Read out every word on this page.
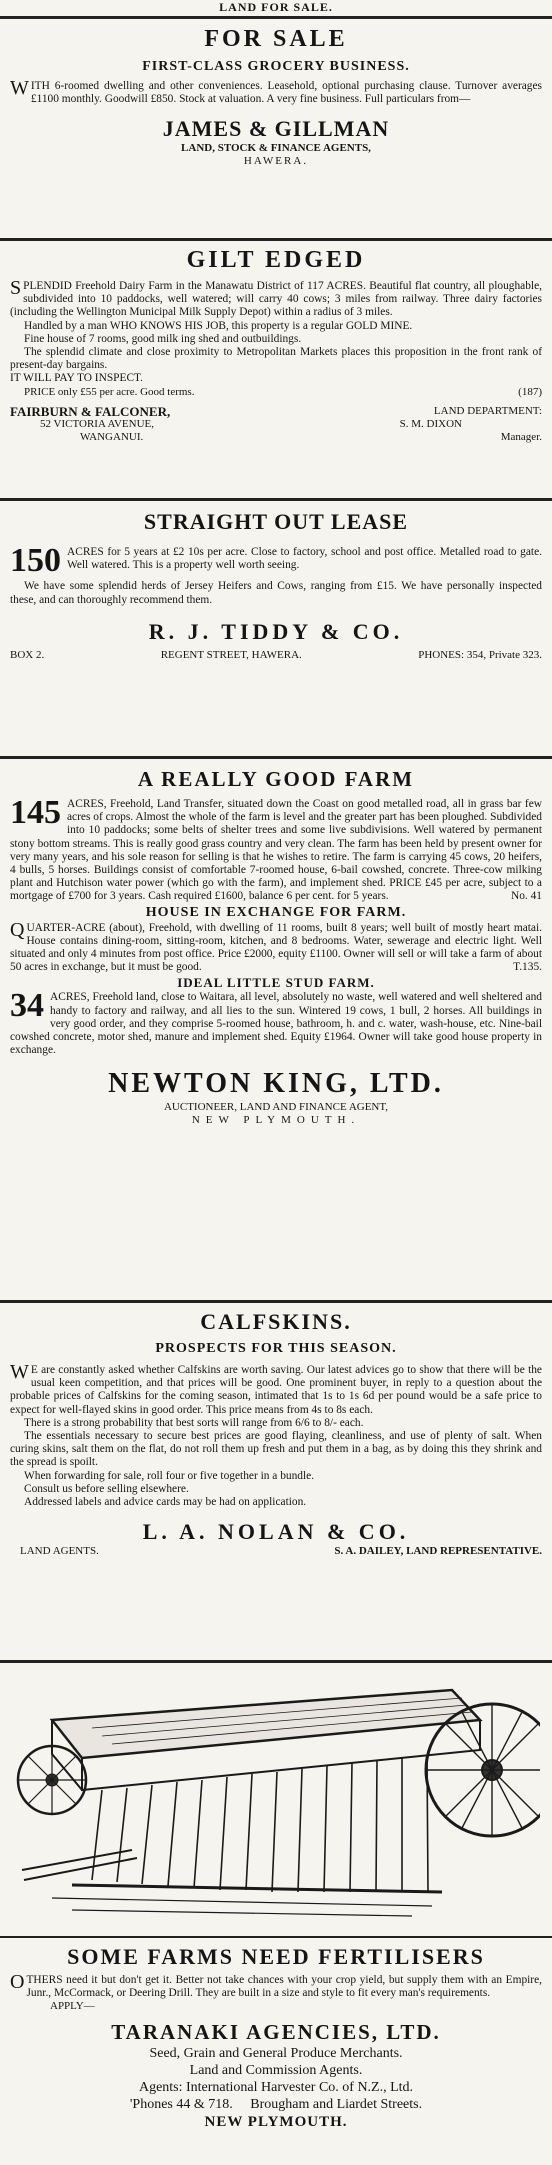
LAND FOR SALE.
FOR SALE
FIRST-CLASS GROCERY BUSINESS.

WITH 6-roomed dwelling and other conveniences. Leasehold, optional purchasing clause. Turnover averages £1100 monthly. Goodwill £850. Stock at valuation. A very fine business. Full particulars from—

JAMES & GILLMAN
LAND, STOCK & FINANCE AGENTS,
HAWERA.
GILT EDGED

SPLENDID Freehold Dairy Farm in the Manawatu District of 117 ACRES. Beautiful flat country, all ploughable, subdivided into 10 paddocks, well watered; will carry 40 cows; 3 miles from railway. Three dairy factories (including the Wellington Municipal Milk Supply Depot) within a radius of 3 miles.

Handled by a man WHO KNOWS HIS JOB, this property is a regular GOLD MINE.

Fine house of 7 rooms, good milk ing shed and outbuildings.

The splendid climate and close proximity to Metropolitan Markets places this proposition in the front rank of present-day bargains.

IT WILL PAY TO INSPECT.

PRICE only £55 per acre. Good terms.	(187)
FAIRBURN & FALCONER,	LAND DEPARTMENT:
52 VICTORIA AVENUE,	S. M. DIXON
WANGANUI.	Manager.
STRAIGHT OUT LEASE

150 ACRES for 5 years at £2 10s per acre. Close to factory, school and post office. Metalled road to gate. Well watered. This is a property well worth seeing.

We have some splendid herds of Jersey Heifers and Cows, ranging from £15. We have personally inspected these, and can thoroughly recommend them.

R. J. TIDDY & CO.
BOX 2.	REGENT STREET, HAWERA.	PHONES: 354, Private 323.
A REALLY GOOD FARM

145 ACRES, Freehold, Land Transfer, situated down the Coast on good metalled road, all in grass bar few acres of crops. Almost the whole of the farm is level and the greater part has been ploughed. Subdivided into 10 paddocks; some belts of shelter trees and some live subdivisions. Well watered by permanent stony bottom streams. This is really good grass country and very clean. The farm has been held by present owner for very many years, and his sole reason for selling is that he wishes to retire. The farm is carrying 45 cows, 20 heifers, 4 bulls, 5 horses. Buildings consist of comfortable 7-roomed house, 6-bail cowshed, concrete. Three-cow milking plant and Hutchison water power (which go with the farm), and implement shed. PRICE £45 per acre, subject to a mortgage of £700 for 3 years. Cash required £1600, balance 6 per cent. for 5 years.	No. 41

HOUSE IN EXCHANGE FOR FARM.

QUARTER-ACRE (about), Freehold, with dwelling of 11 rooms, built 8 years; well built of mostly heart matai. House contains dining-room, sitting-room, kitchen, and 8 bedrooms. Water, sewerage and electric light. Well situated and only 4 minutes from post office. Price £2000, equity £1100. Owner will sell or will take a farm of about 50 acres in exchange, but it must be good.	T.135.

IDEAL LITTLE STUD FARM.

34 ACRES, Freehold land, close to Waitara, all level, absolutely no waste, well watered and well sheltered and handy to factory and railway, and all lies to the sun. Wintered 19 cows, 1 bull, 2 horses. All buildings in very good order, and they comprise 5-roomed house, bathroom, h. and c. water, wash-house, etc. Nine-bail cowshed concrete, motor shed, manure and implement shed. Equity £1964. Owner will take good house property in exchange.

NEWTON KING, LTD.
AUCTIONEER, LAND AND FINANCE AGENT,
NEW PLYMOUTH.
CALFSKINS.
PROSPECTS FOR THIS SEASON.

W E are constantly asked whether Calfskins are worth saving. Our latest advices go to show that there will be the usual keen competition, and that prices will be good. One prominent buyer, in reply to a question about the probable prices of Calfskins for the coming season, intimated that 1s to 1s 6d per pound would be a safe price to expect for well-flayed skins in good order. This price means from 4s to 8s each.

There is a strong probability that best sorts will range from 6/6 to 8/- each.

The essentials necessary to secure best prices are good flaying, cleanliness, and use of plenty of salt. When curing skins, salt them on the flat, do not roll them up fresh and put them in a bag, as by doing this they shrink and the spread is spoilt.

When forwarding for sale, roll four or five together in a bundle.

Consult us before selling elsewhere.

Addressed labels and advice cards may be had on application.

L. A. NOLAN & CO.
LAND AGENTS.	S. A. DAILEY, LAND REPRESENTATIVE.
SOME FARMS NEED FERTILISERS

OTHERS need it but don't get it. Better not take chances with your crop yield, but supply them with an Empire, Junr., McCormack, or Deering Drill. They are built in a size and style to fit every man's requirements.

APPLY—
TARANAKI AGENCIES, LTD.
Seed, Grain and General Produce Merchants.
Land and Commission Agents.
Agents: International Harvester Co. of N.Z., Ltd.
'Phones 44 & 718.     Brougham and Liardet Streets.
NEW PLYMOUTH.
